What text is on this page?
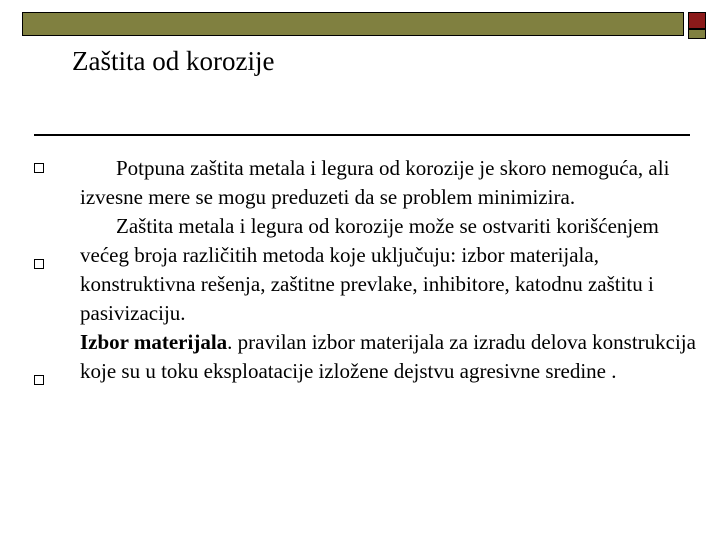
Zaštita od korozije

Potpuna zaštita metala i legura od korozije je skoro nemoguća, ali izvesne mere se mogu preduzeti da se problem minimizira.

Zaštita metala i legura od korozije može se ostvariti korišćenjem većeg broja različitih metoda koje uključuju: izbor materijala, konstruktivna rešenja, zaštitne prevlake, inhibitore, katodnu zaštitu i pasivizaciju.

Izbor materijala. pravilan izbor materijala za izradu delova konstrukcija koje su u toku eksploatacije izložene dejstvu agresivne sredine .
